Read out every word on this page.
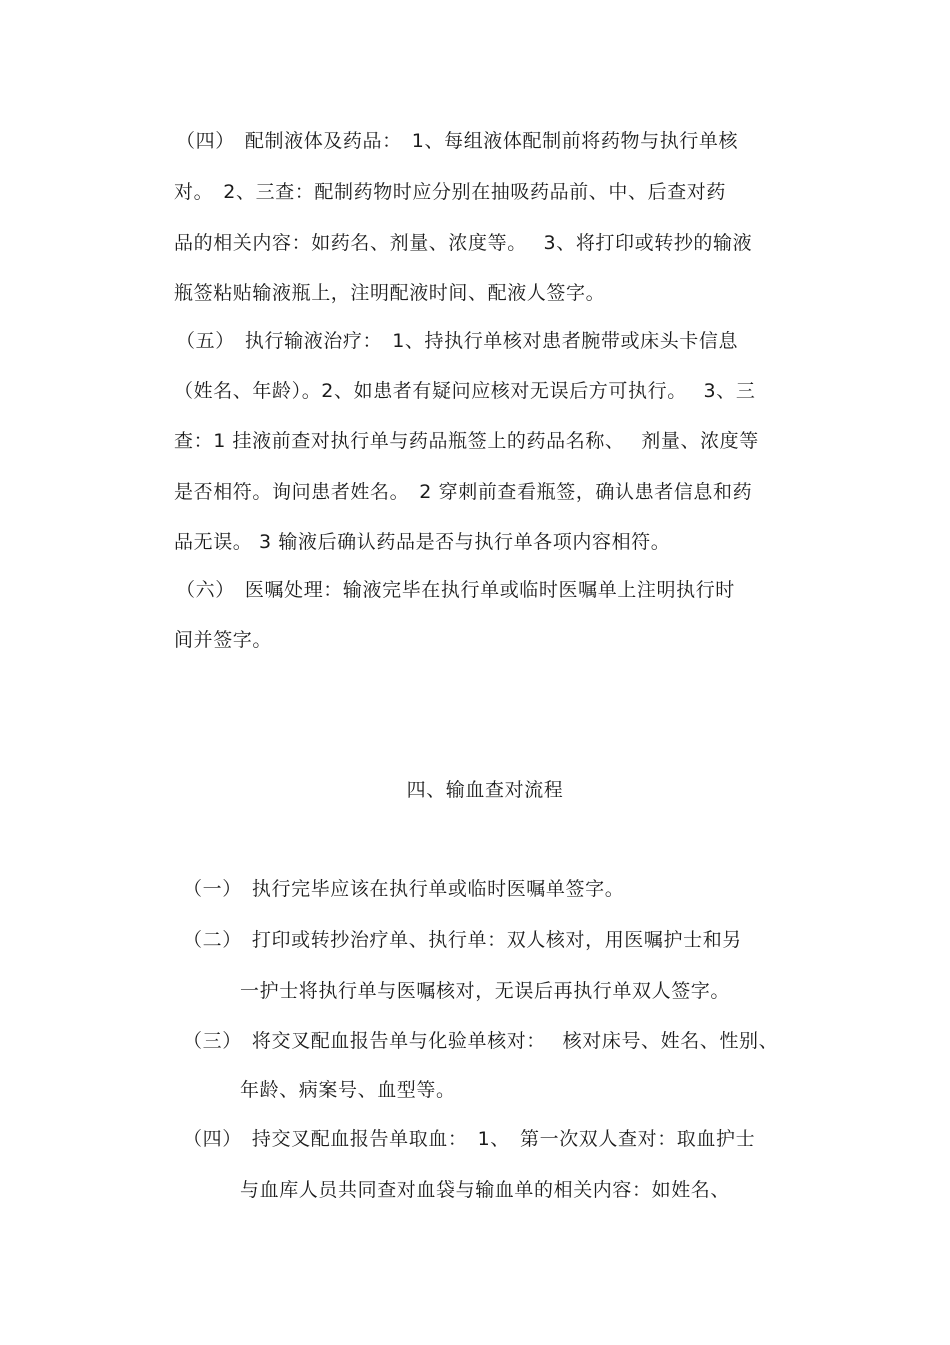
（四）　配制液体及药品：　1、每组液体配制前将药物与执行单核
对。　2、三查：配制药物时应分别在抽吸药品前、中、后查对药
品的相关内容：如药名、剂量、浓度等。　 3、将打印或转抄的输液
瓶签粘贴输液瓶上，注明配液时间、配液人签字。
（五）　执行输液治疗：　1、持执行单核对患者腕带或床头卡信息
（姓名、年龄）。2、如患者有疑问应核对无误后方可执行。　 3、三
查：1 挂液前查对执行单与药品瓶签上的药品名称、　 剂量、浓度等
是否相符。询问患者姓名。　2 穿刺前查看瓶签，确认患者信息和药
品无误。 3 输液后确认药品是否与执行单各项内容相符。
（六）　医嘱处理：输液完毕在执行单或临时医嘱单上注明执行时
间并签字。
四、输血查对流程
（一）　执行完毕应该在执行单或临时医嘱单签字。
（二）　打印或转抄治疗单、执行单：双人核对，用医嘱护士和另
一护士将执行单与医嘱核对，无误后再执行单双人签字。
（三）　将交叉配血报告单与化验单核对：　 核对床号、姓名、性别、
年龄、病案号、血型等。
（四）　持交叉配血报告单取血：　1、　第一次双人查对：取血护士
与血库人员共同查对血袋与输血单的相关内容：如姓名、
